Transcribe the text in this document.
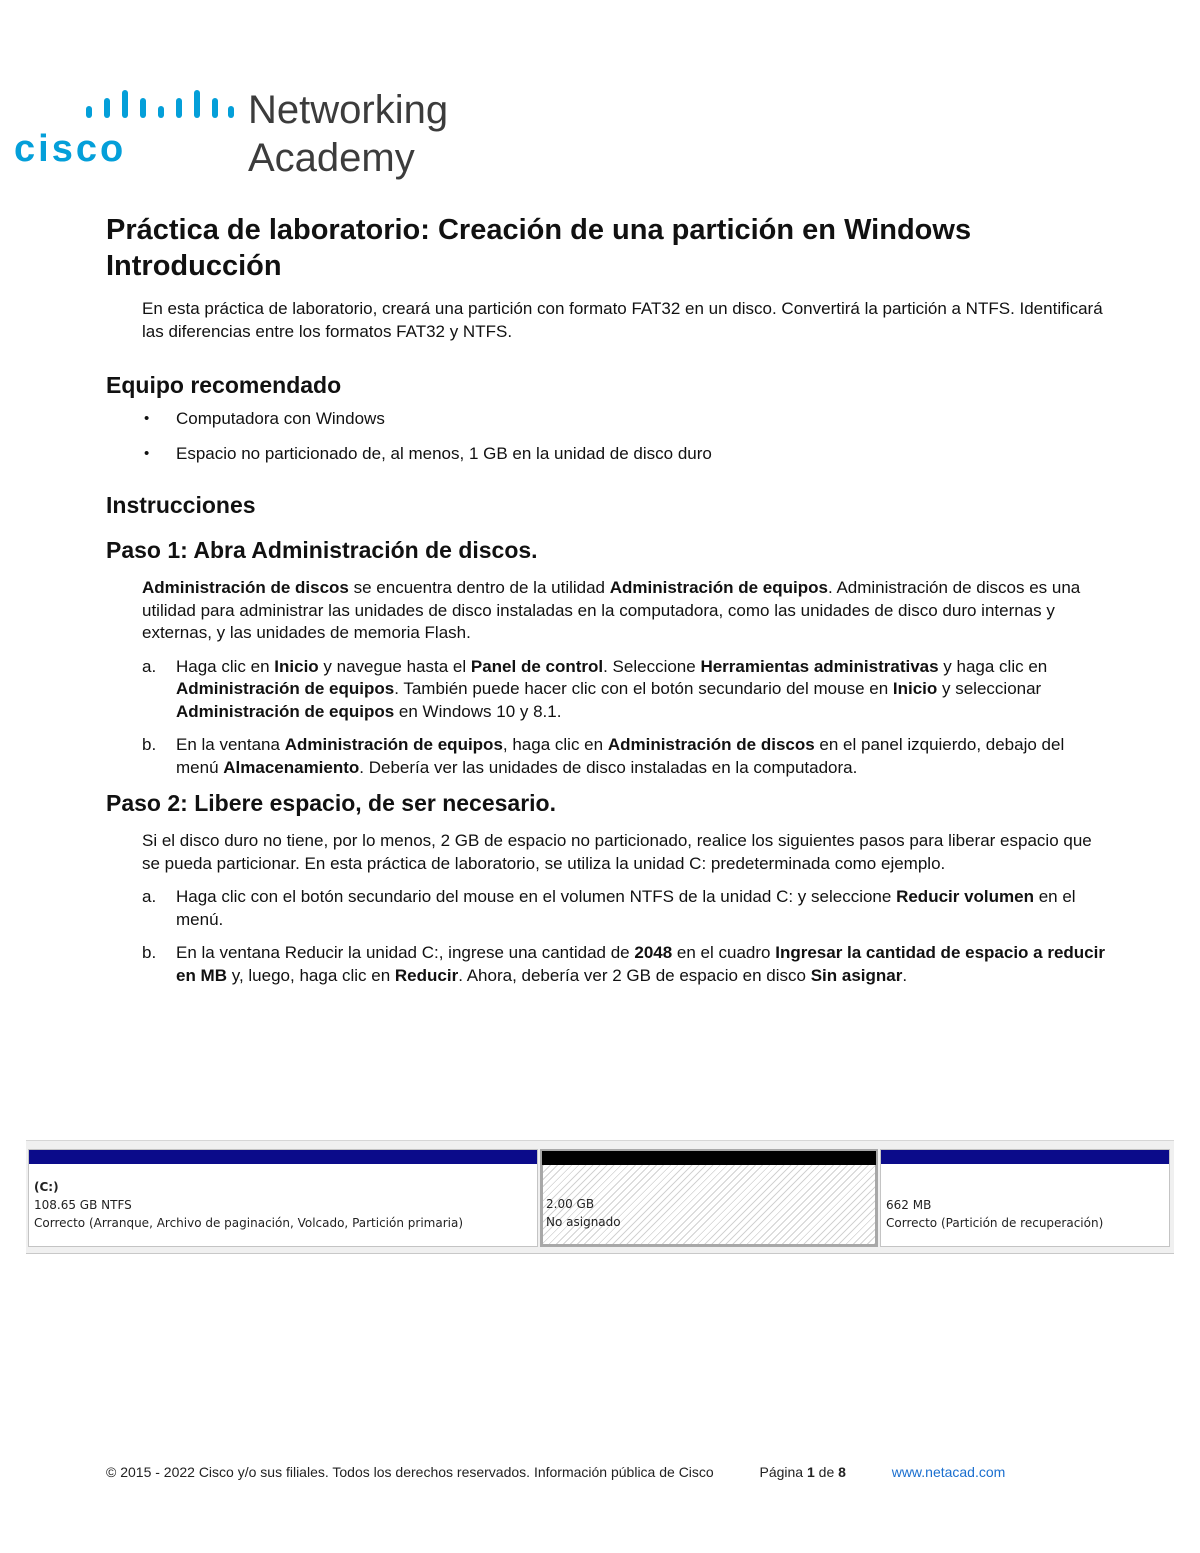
cisco
Networking
Academy
Práctica de laboratorio: Creación de una partición en Windows
Introducción

En esta práctica de laboratorio, creará una partición con formato FAT32 en un disco. Convertirá la partición a NTFS. Identificará las diferencias entre los formatos FAT32 y NTFS.

Equipo recomendado
• Computadora con Windows
• Espacio no particionado de, al menos, 1 GB en la unidad de disco duro
Instrucciones
Paso 1: Abra Administración de discos.

Administración de discos se encuentra dentro de la utilidad Administración de equipos. Administración de discos es una utilidad para administrar las unidades de disco instaladas en la computadora, como las unidades de disco duro internas y externas, y las unidades de memoria Flash.

a. Haga clic en Inicio y navegue hasta el Panel de control. Seleccione Herramientas administrativas y haga clic en Administración de equipos. También puede hacer clic con el botón secundario del mouse en Inicio y seleccionar Administración de equipos en Windows 10 y 8.1.
b. En la ventana Administración de equipos, haga clic en Administración de discos en el panel izquierdo, debajo del menú Almacenamiento. Debería ver las unidades de disco instaladas en la computadora.
Paso 2: Libere espacio, de ser necesario.

Si el disco duro no tiene, por lo menos, 2 GB de espacio no particionado, realice los siguientes pasos para liberar espacio que se pueda particionar. En esta práctica de laboratorio, se utiliza la unidad C: predeterminada como ejemplo.

a. Haga clic con el botón secundario del mouse en el volumen NTFS de la unidad C: y seleccione Reducir volumen en el menú.
b. En la ventana Reducir la unidad C:, ingrese una cantidad de 2048 en el cuadro Ingresar la cantidad de espacio a reducir en MB y, luego, haga clic en Reducir. Ahora, debería ver 2 GB de espacio en disco Sin asignar.
(C:)
108.65 GB NTFS
Correcto (Arranque, Archivo de paginación, Volcado, Partición primaria)
2.00 GB
No asignado
662 MB
Correcto (Partición de recuperación)
© 2015 - 2022 Cisco y/o sus filiales. Todos los derechos reservados. Información pública de Cisco	Página 1 de 8	www.netacad.com
